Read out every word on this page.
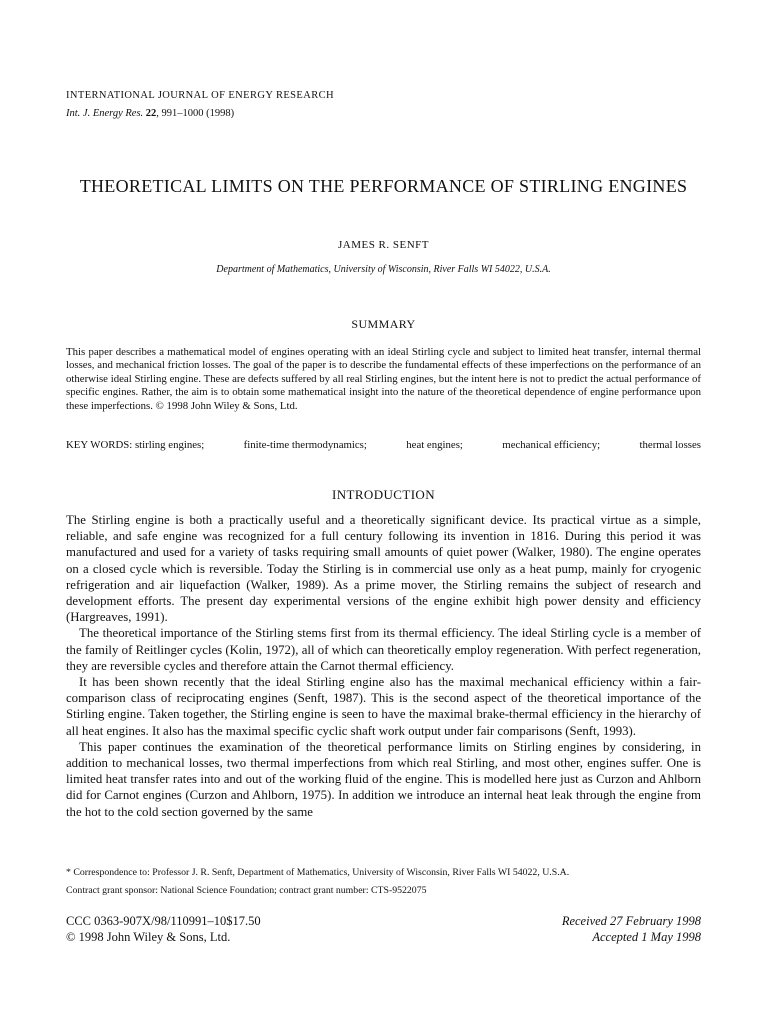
INTERNATIONAL JOURNAL OF ENERGY RESEARCH
Int. J. Energy Res. 22, 991–1000 (1998)
THEORETICAL LIMITS ON THE PERFORMANCE OF STIRLING ENGINES
JAMES R. SENFT
Department of Mathematics, University of Wisconsin, River Falls WI 54022, U.S.A.
SUMMARY
This paper describes a mathematical model of engines operating with an ideal Stirling cycle and subject to limited heat transfer, internal thermal losses, and mechanical friction losses. The goal of the paper is to describe the fundamental effects of these imperfections on the performance of an otherwise ideal Stirling engine. These are defects suffered by all real Stirling engines, but the intent here is not to predict the actual performance of specific engines. Rather, the aim is to obtain some mathematical insight into the nature of the theoretical dependence of engine performance upon these imperfections. © 1998 John Wiley & Sons, Ltd.
KEY WORDS: stirling engines;	finite-time thermodynamics;	heat engines;	mechanical efficiency;	thermal losses
INTRODUCTION

The Stirling engine is both a practically useful and a theoretically significant device. Its practical virtue as a simple, reliable, and safe engine was recognized for a full century following its invention in 1816. During this period it was manufactured and used for a variety of tasks requiring small amounts of quiet power (Walker, 1980). The engine operates on a closed cycle which is reversible. Today the Stirling is in commercial use only as a heat pump, mainly for cryogenic refrigeration and air liquefaction (Walker, 1989). As a prime mover, the Stirling remains the subject of research and development efforts. The present day experimental versions of the engine exhibit high power density and efficiency (Hargreaves, 1991).

The theoretical importance of the Stirling stems first from its thermal efficiency. The ideal Stirling cycle is a member of the family of Reitlinger cycles (Kolin, 1972), all of which can theoretically employ regeneration. With perfect regeneration, they are reversible cycles and therefore attain the Carnot thermal efficiency.

It has been shown recently that the ideal Stirling engine also has the maximal mechanical efficiency within a fair-comparison class of reciprocating engines (Senft, 1987). This is the second aspect of the theoretical importance of the Stirling engine. Taken together, the Stirling engine is seen to have the maximal brake-thermal efficiency in the hierarchy of all heat engines. It also has the maximal specific cyclic shaft work output under fair comparisons (Senft, 1993).

This paper continues the examination of the theoretical performance limits on Stirling engines by considering, in addition to mechanical losses, two thermal imperfections from which real Stirling, and most other, engines suffer. One is limited heat transfer rates into and out of the working fluid of the engine. This is modelled here just as Curzon and Ahlborn did for Carnot engines (Curzon and Ahlborn, 1975). In addition we introduce an internal heat leak through the engine from the hot to the cold section governed by the same

* Correspondence to: Professor J. R. Senft, Department of Mathematics, University of Wisconsin, River Falls WI 54022, U.S.A.
Contract grant sponsor: National Science Foundation; contract grant number: CTS-9522075
CCC 0363-907X/98/110991–10$17.50
© 1998 John Wiley & Sons, Ltd.
Received 27 February 1998
Accepted 1 May 1998
